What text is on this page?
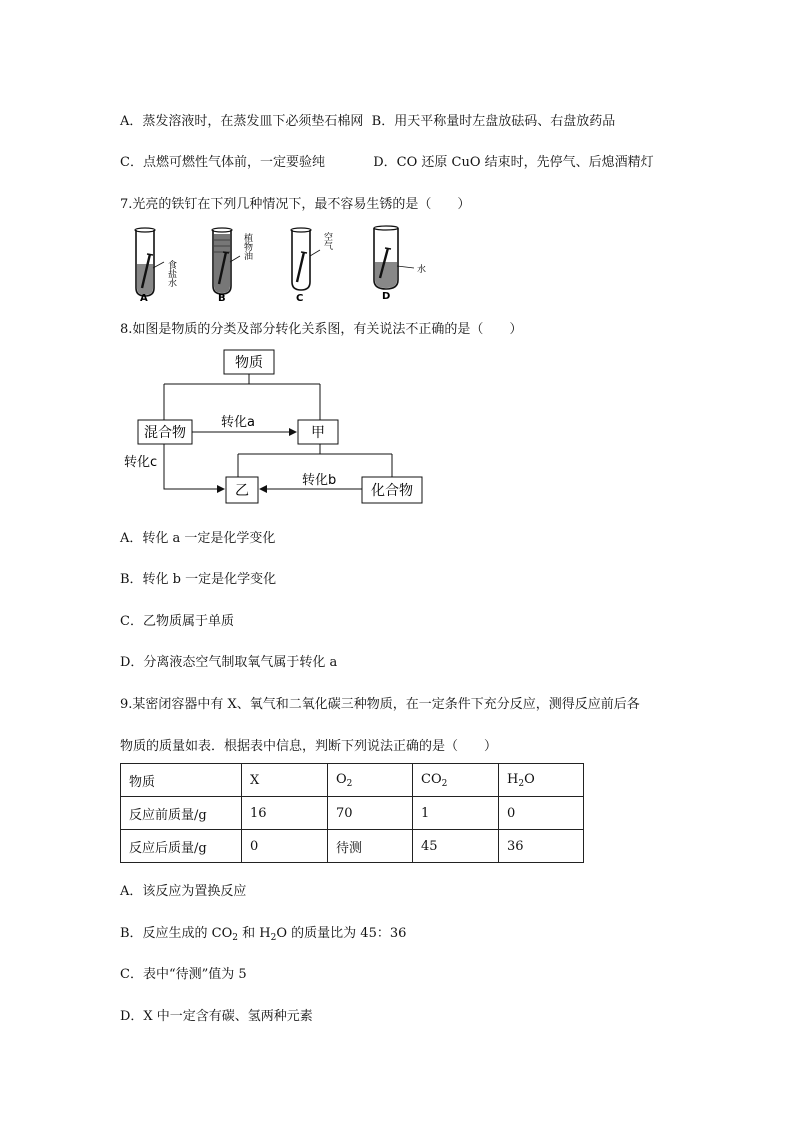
A．蒸发溶液时，在蒸发皿下必须垫石棉网 B．用天平称量时左盘放砝码、右盘放药品
C．点燃可燃性气体前，一定要验纯	D．CO 还原 CuO 结束时，先停气、后熄酒精灯
7.光亮的铁钉在下列几种情况下，最不容易生锈的是（　　）
食
盐
水
A
植
物
油
B
空
气
C
水
D
8.如图是物质的分类及部分转化关系图，有关说法不正确的是（　　）
物质
混合物	甲
乙	化合物
转化a
转化c
转化b
A．转化 a 一定是化学变化
B．转化 b 一定是化学变化
C．乙物质属于单质
D．分离液态空气制取氧气属于转化 a
9.某密闭容器中有 X、氧气和二氧化碳三种物质，在一定条件下充分反应，测得反应前后各
物质的质量如表．根据表中信息，判断下列说法正确的是（　　）
物质	X	$O_2$	$CO_2$	$H_2O$
反应前质量/g	16	70	1	0
反应后质量/g	0	待测	45	36
A．该反应为置换反应
B．反应生成的 $CO_2$ 和 $H_2O$ 的质量比为 45：36
C．表中“待测”值为 5
D．X 中一定含有碳、氢两种元素
